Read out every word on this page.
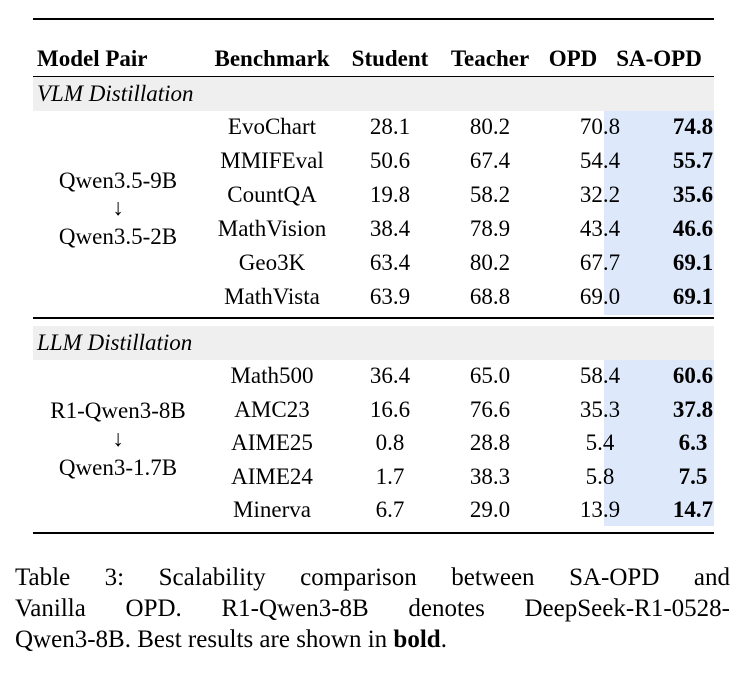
Model Pair	Benchmark Student Teacher OPD SA-OPD
VLM Distillation
Qwen3.5-9B
↓
Qwen3.5-2B
EvoChart 28.1	80.2	70.8 74.8
MMIFEval 50.6	67.4	54.4 55.7
CountQA 19.8	58.2	32.2 35.6
MathVision 38.4	78.9	43.4 46.6
Geo3K	63.4	80.2	67.7 69.1
MathVista 63.9	68.8	69.0 69.1
LLM Distillation
R1-Qwen3-8B
↓
Qwen3-1.7B
Math500 36.4	65.0	58.4 60.6
AMC23	16.6	76.6	35.3 37.8
AIME25	0.8	28.8	5.4	6.3
AIME24	1.7	38.3	5.8	7.5
Minerva	6.7	29.0	13.9 14.7
Table 3: Scalability comparison between SA-OPD and
Vanilla OPD. R1-Qwen3-8B denotes DeepSeek-R1-0528-
Qwen3-8B. Best results are shown in bold.
